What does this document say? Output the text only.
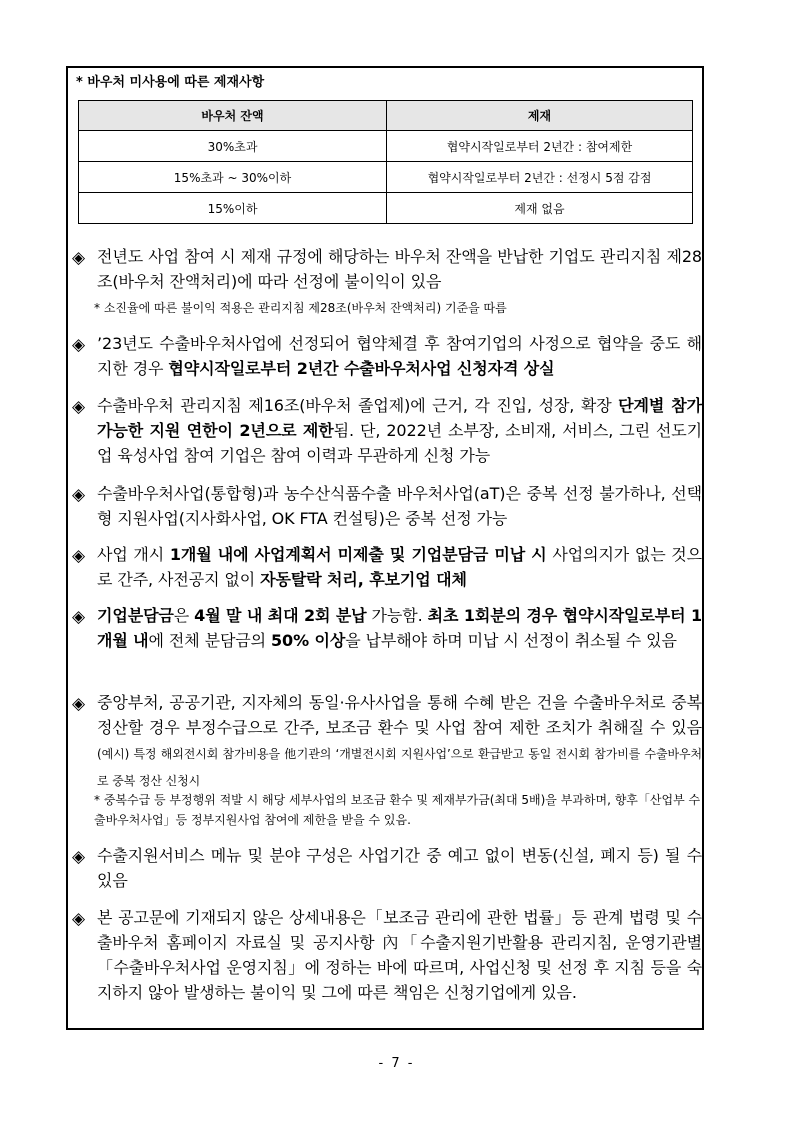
* 바우처 미사용에 따른 제재사항
바우처 잔액	제재
30%초과	협약시작일로부터 2년간 : 참여제한
15%초과 ~ 30%이하	협약시작일로부터 2년간 : 선정시 5점 감점
15%이하	제재 없음
◈ 전년도 사업 참여 시 제재 규정에 해당하는 바우처 잔액을 반납한 기업도 관리지침 제28조(바우처 잔액처리)에 따라 선정에 불이익이 있음
* 소진율에 따른 불이익 적용은 관리지침 제28조(바우처 잔액처리) 기준을 따름
◈ ’23년도 수출바우처사업에 선정되어 협약체결 후 참여기업의 사정으로 협약을 중도 해지한 경우 협약시작일로부터 2년간 수출바우처사업 신청자격 상실
◈ 수출바우처 관리지침 제16조(바우처 졸업제)에 근거, 각 진입, 성장, 확장 단계별 참가 가능한 지원 연한이 2년으로 제한됨. 단, 2022년 소부장, 소비재, 서비스, 그린 선도기업 육성사업 참여 기업은 참여 이력과 무관하게 신청 가능
◈ 수출바우처사업(통합형)과 농수산식품수출 바우처사업(aT)은 중복 선정 불가하나, 선택형 지원사업(지사화사업, OK FTA 컨설팅)은 중복 선정 가능
◈ 사업 개시 1개월 내에 사업계획서 미제출 및 기업분담금 미납 시 사업의지가 없는 것으로 간주, 사전공지 없이 자동탈락 처리, 후보기업 대체
◈ 기업분담금은 4월 말 내 최대 2회 분납 가능함. 최초 1회분의 경우 협약시작일로부터 1개월 내에 전체 분담금의 50% 이상을 납부해야 하며 미납 시 선정이 취소될 수 있음
◈ 중앙부처, 공공기관, 지자체의 동일·유사사업을 통해 수혜 받은 건을 수출바우처로 중복 정산할 경우 부정수급으로 간주, 보조금 환수 및 사업 참여 제한 조치가 취해질 수 있음 (예시) 특정 해외전시회 참가비용을 他기관의 ‘개별전시회 지원사업’으로 환급받고 동일 전시회 참가비를 수출바우처로 중복 정산 신청시
* 중복수급 등 부정행위 적발 시 해당 세부사업의 보조금 환수 및 제재부가금(최대 5배)을 부과하며, 향후「산업부 수출바우처사업」등 정부지원사업 참여에 제한을 받을 수 있음.
◈ 수출지원서비스 메뉴 및 분야 구성은 사업기간 중 예고 없이 변동(신설, 폐지 등) 될 수 있음
◈ 본 공고문에 기재되지 않은 상세내용은「보조금 관리에 관한 법률」등 관계 법령 및 수출바우처 홈페이지 자료실 및 공지사항 內「수출지원기반활용 관리지침, 운영기관별「수출바우처사업 운영지침」에 정하는 바에 따르며, 사업신청 및 선정 후 지침 등을 숙지하지 않아 발생하는 불이익 및 그에 따른 책임은 신청기업에게 있음.
- 7 -
